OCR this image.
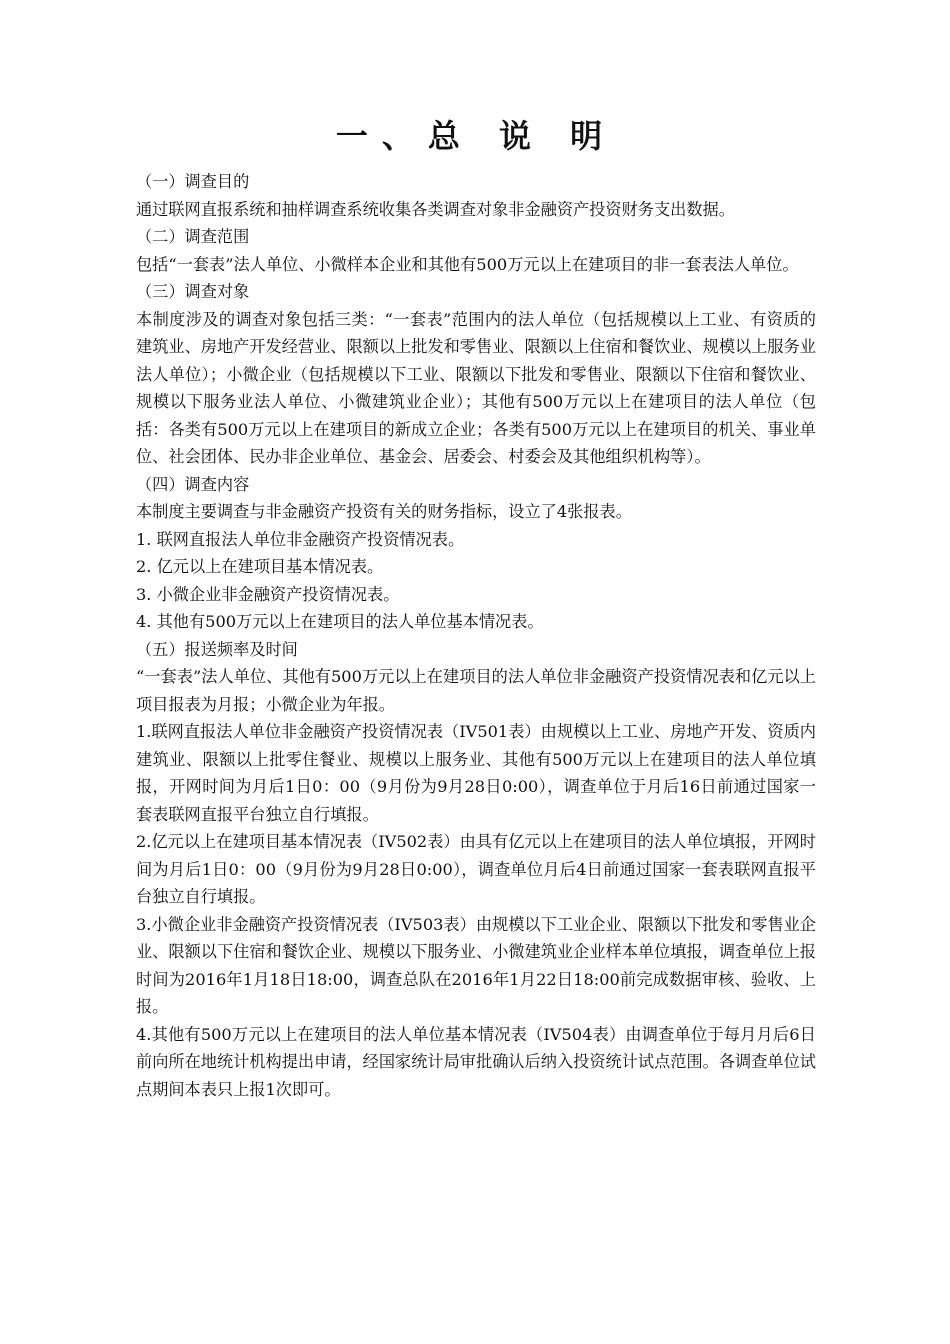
一、总 说 明

（一）调查目的

通过联网直报系统和抽样调查系统收集各类调查对象非金融资产投资财务支出数据。

（二）调查范围

包括“一套表”法人单位、小微样本企业和其他有500万元以上在建项目的非一套表法人单位。

（三）调查对象

本制度涉及的调查对象包括三类：“一套表”范围内的法人单位（包括规模以上工业、有资质的建筑业、房地产开发经营业、限额以上批发和零售业、限额以上住宿和餐饮业、规模以上服务业法人单位）；小微企业（包括规模以下工业、限额以下批发和零售业、限额以下住宿和餐饮业、规模以下服务业法人单位、小微建筑业企业）；其他有500万元以上在建项目的法人单位（包括：各类有500万元以上在建项目的新成立企业；各类有500万元以上在建项目的机关、事业单位、社会团体、民办非企业单位、基金会、居委会、村委会及其他组织机构等）。

（四）调查内容

本制度主要调查与非金融资产投资有关的财务指标，设立了4张报表。

1. 联网直报法人单位非金融资产投资情况表。

2. 亿元以上在建项目基本情况表。

3. 小微企业非金融资产投资情况表。

4. 其他有500万元以上在建项目的法人单位基本情况表。

（五）报送频率及时间

“一套表”法人单位、其他有500万元以上在建项目的法人单位非金融资产投资情况表和亿元以上项目报表为月报；小微企业为年报。

1.联网直报法人单位非金融资产投资情况表（IV501表）由规模以上工业、房地产开发、资质内建筑业、限额以上批零住餐业、规模以上服务业、其他有500万元以上在建项目的法人单位填报，开网时间为月后1日0：00（9月份为9月28日0:00），调查单位于月后16日前通过国家一套表联网直报平台独立自行填报。

2.亿元以上在建项目基本情况表（IV502表）由具有亿元以上在建项目的法人单位填报，开网时间为月后1日0：00（9月份为9月28日0:00），调查单位月后4日前通过国家一套表联网直报平台独立自行填报。

3.小微企业非金融资产投资情况表（IV503表）由规模以下工业企业、限额以下批发和零售业企业、限额以下住宿和餐饮企业、规模以下服务业、小微建筑业企业样本单位填报，调查单位上报时间为2016年1月18日18:00，调查总队在2016年1月22日18:00前完成数据审核、验收、上报。

4.其他有500万元以上在建项目的法人单位基本情况表（IV504表）由调查单位于每月月后6日前向所在地统计机构提出申请，经国家统计局审批确认后纳入投资统计试点范围。各调查单位试点期间本表只上报1次即可。
